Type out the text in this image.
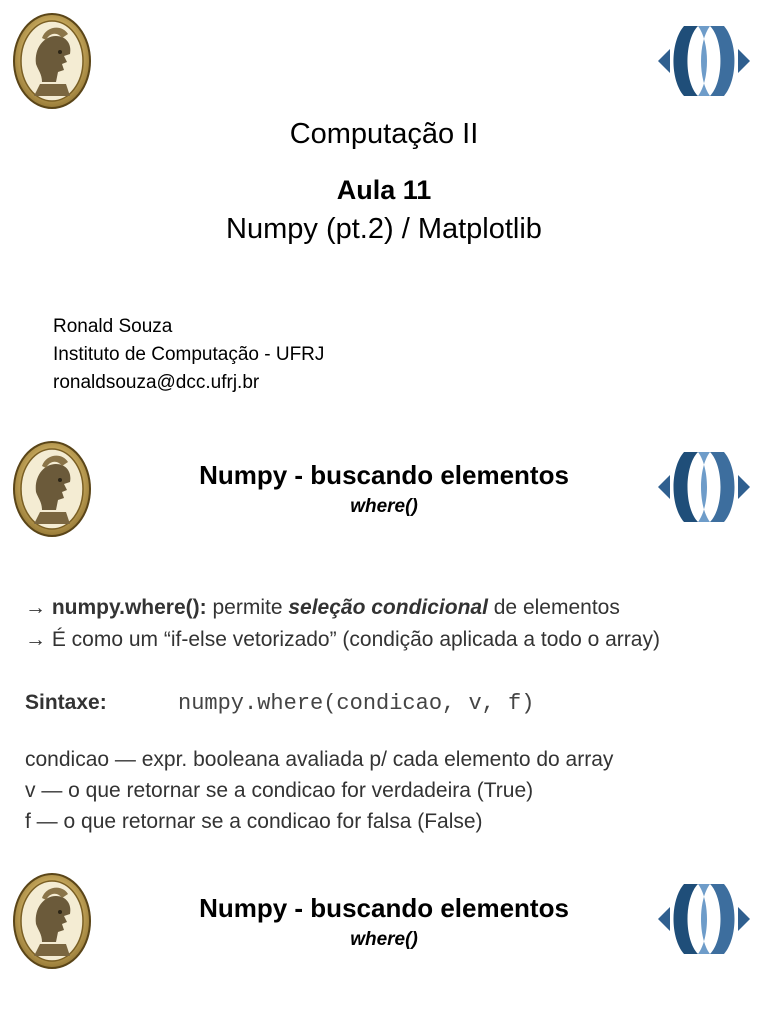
Computação II
Aula 11
Numpy (pt.2) / Matplotlib
Ronald Souza
Instituto de Computação - UFRJ
ronaldsouza@dcc.ufrj.br
Numpy - buscando elementos
where()
→ numpy.where(): permite seleção condicional de elementos
→ É como um “if-else vetorizado” (condição aplicada a todo o array)
Sintaxe:	numpy.where(condicao, v, f)
condicao — expr. booleana avaliada p/ cada elemento do array
v — o que retornar se a condicao for verdadeira (True)
f — o que retornar se a condicao for falsa (False)
Numpy - buscando elementos
where()
